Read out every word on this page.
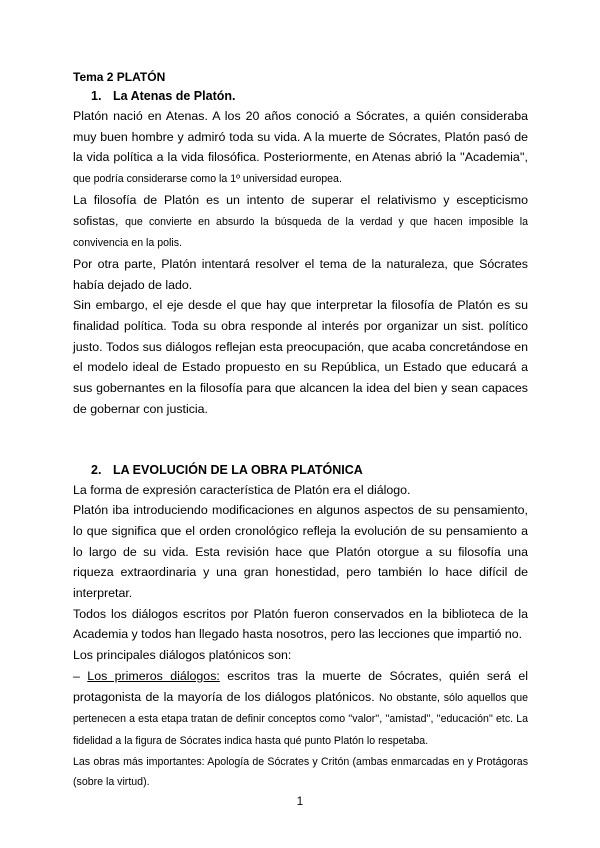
Tema 2 PLATÓN
1. La Atenas de Platón.

Platón nació en Atenas. A los 20 años conoció a Sócrates, a quién consideraba muy buen hombre y admiró toda su vida. A la muerte de Sócrates, Platón pasó de la vida política a la vida filosófica. Posteriormente, en Atenas abrió la ''Academia'', que podría considerarse como la 1º universidad europea.

La filosofía de Platón es un intento de superar el relativismo y escepticismo sofistas, que convierte en absurdo la búsqueda de la verdad y que hacen imposible la convivencia en la polis.

Por otra parte, Platón intentará resolver el tema de la naturaleza, que Sócrates había dejado de lado.

Sin embargo, el eje desde el que hay que interpretar la filosofía de Platón es su finalidad política. Toda su obra responde al interés por organizar un sist. político justo. Todos sus diálogos reflejan esta preocupación, que acaba concretándose en el modelo ideal de Estado propuesto en su República, un Estado que educará a sus gobernantes en la filosofía para que alcancen la idea del bien y sean capaces de gobernar con justicia.

2. LA EVOLUCIÓN DE LA OBRA PLATÓNICA

La forma de expresión característica de Platón era el diálogo.

Platón iba introduciendo modificaciones en algunos aspectos de su pensamiento, lo que significa que el orden cronológico refleja la evolución de su pensamiento a lo largo de su vida. Esta revisión hace que Platón otorgue a su filosofía una riqueza extraordinaria y una gran honestidad, pero también lo hace difícil de interpretar.

Todos los diálogos escritos por Platón fueron conservados en la biblioteca de la Academia y todos han llegado hasta nosotros, pero las lecciones que impartió no.

Los principales diálogos platónicos son:

– Los primeros diálogos: escritos tras la muerte de Sócrates, quién será el protagonista de la mayoría de los diálogos platónicos. No obstante, sólo aquellos que pertenecen a esta etapa tratan de definir conceptos como ''valor'', ''amistad'', ''educación'' etc. La fidelidad a la figura de Sócrates indica hasta qué punto Platón lo respetaba.

Las obras más importantes: Apología de Sócrates y Critón (ambas enmarcadas en y Protágoras (sobre la virtud).

1
